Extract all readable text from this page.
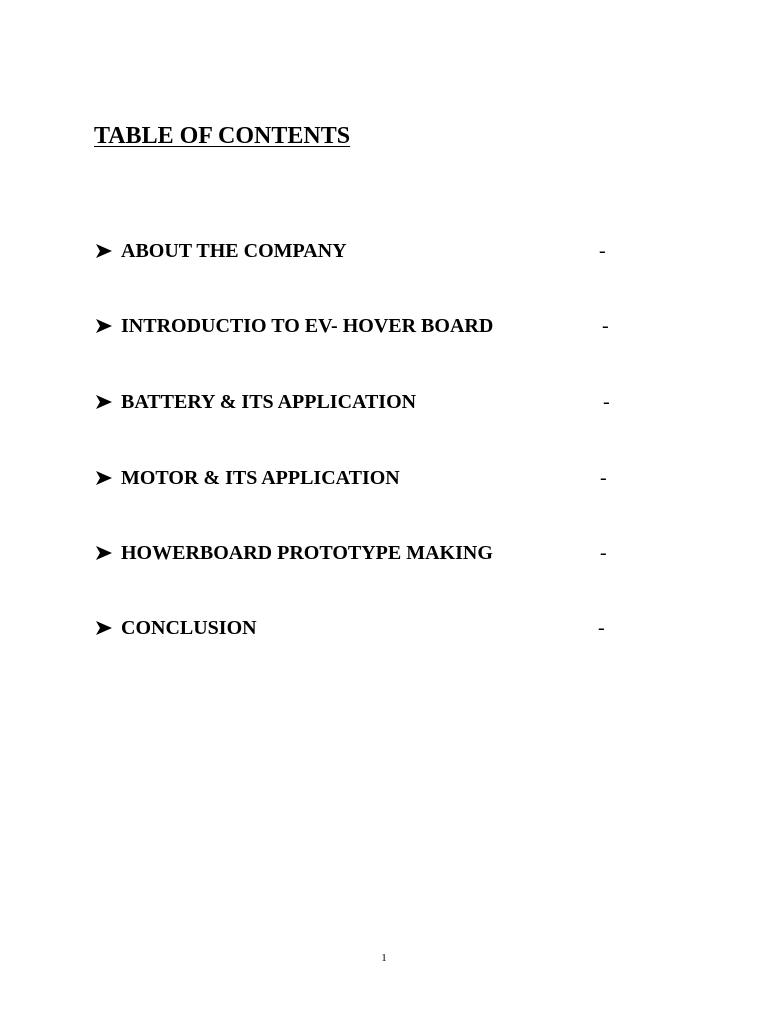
TABLE OF CONTENTS
ABOUT THE COMPANY	-
INTRODUCTIO TO EV- HOVER BOARD	-
BATTERY & ITS APPLICATION	-
MOTOR & ITS APPLICATION	-
HOWERBOARD PROTOTYPE MAKING	-
CONCLUSION	-
1
